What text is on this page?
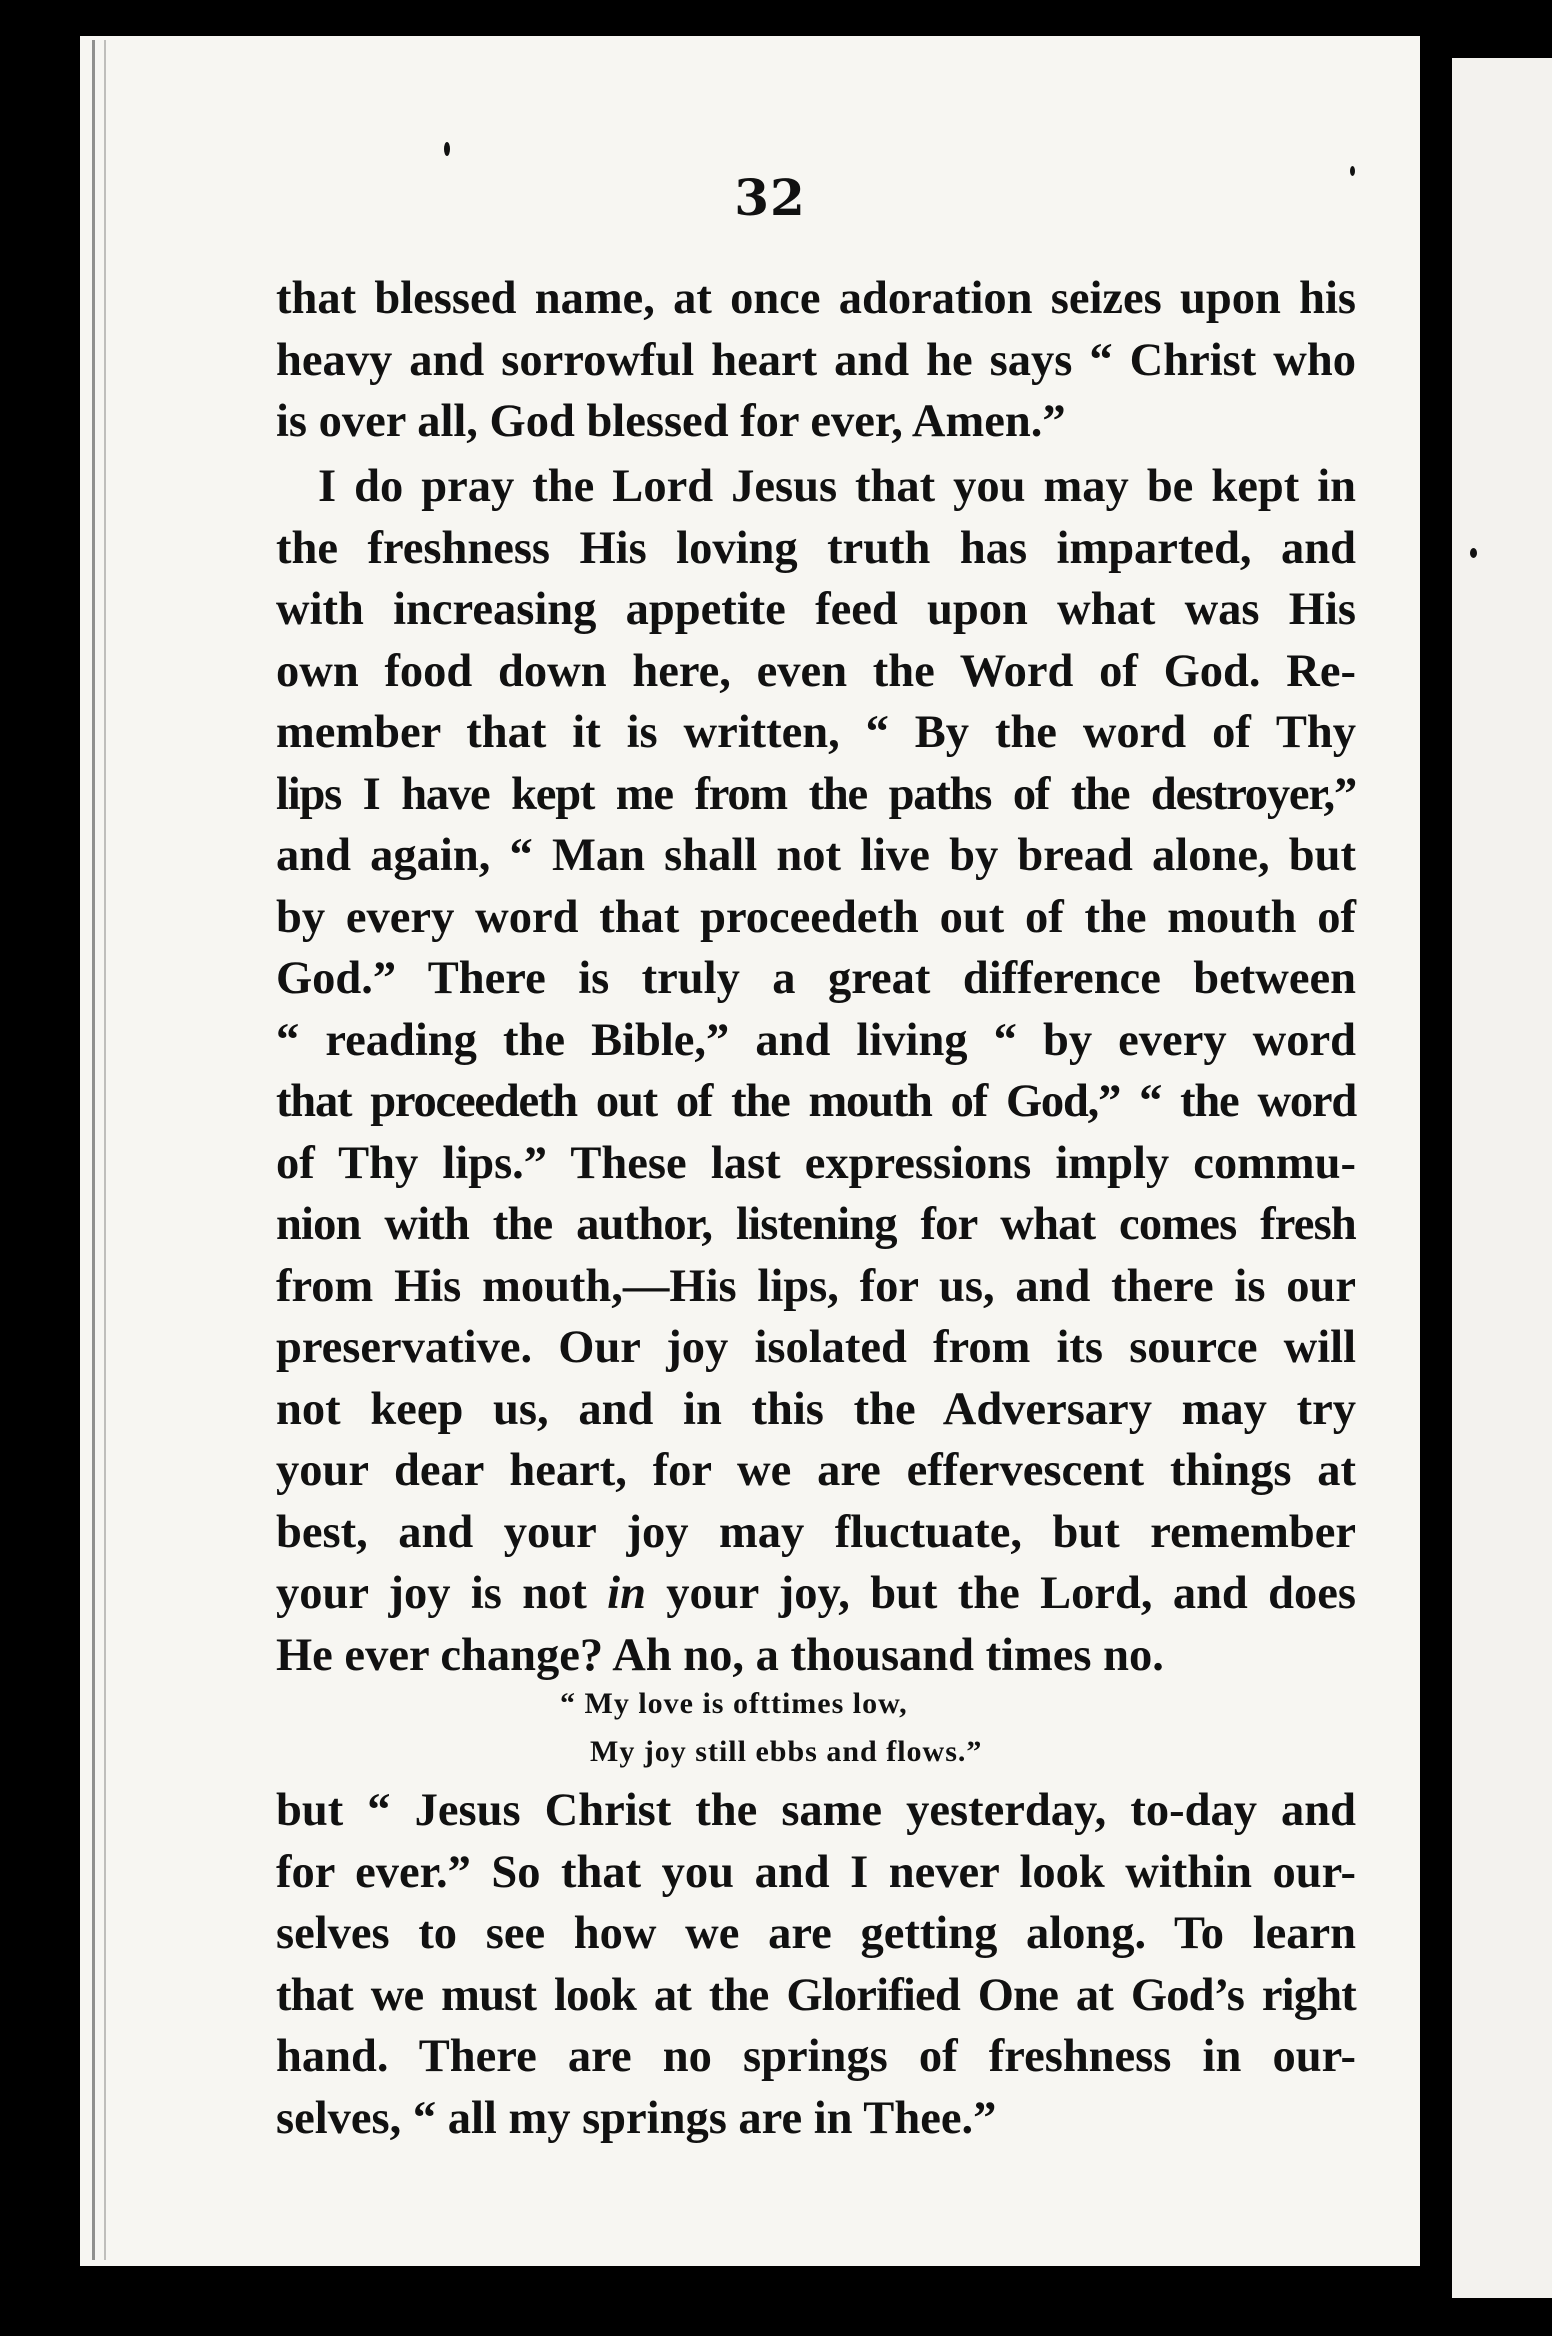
32
that blessed name, at once adoration seizes upon his
heavy and sorrowful heart and he says “ Christ who
is over all, God blessed for ever, Amen.”
I do pray the Lord Jesus that you may be kept in
the freshness His loving truth has imparted, and
with increasing appetite feed upon what was His
own food down here, even the Word of God. Re-
member that it is written, “ By the word of Thy
lips I have kept me from the paths of the destroyer,”
and again, “ Man shall not live by bread alone, but
by every word that proceedeth out of the mouth of
God.” There is truly a great difference between
“ reading the Bible,” and living “ by every word
that proceedeth out of the mouth of God,” “ the word
of Thy lips.” These last expressions imply commu-
nion with the author, listening for what comes fresh
from His mouth,—His lips, for us, and there is our
preservative. Our joy isolated from its source will
not keep us, and in this the Adversary may try
your dear heart, for we are effervescent things at
best, and your joy may fluctuate, but remember
your joy is not in your joy, but the Lord, and does
He ever change? Ah no, a thousand times no.
“ My love is ofttimes low,
My joy still ebbs and flows.”
but “ Jesus Christ the same yesterday, to-day and
for ever.” So that you and I never look within our-
selves to see how we are getting along. To learn
that we must look at the Glorified One at God’s right
hand. There are no springs of freshness in our-
selves, “ all my springs are in Thee.”
